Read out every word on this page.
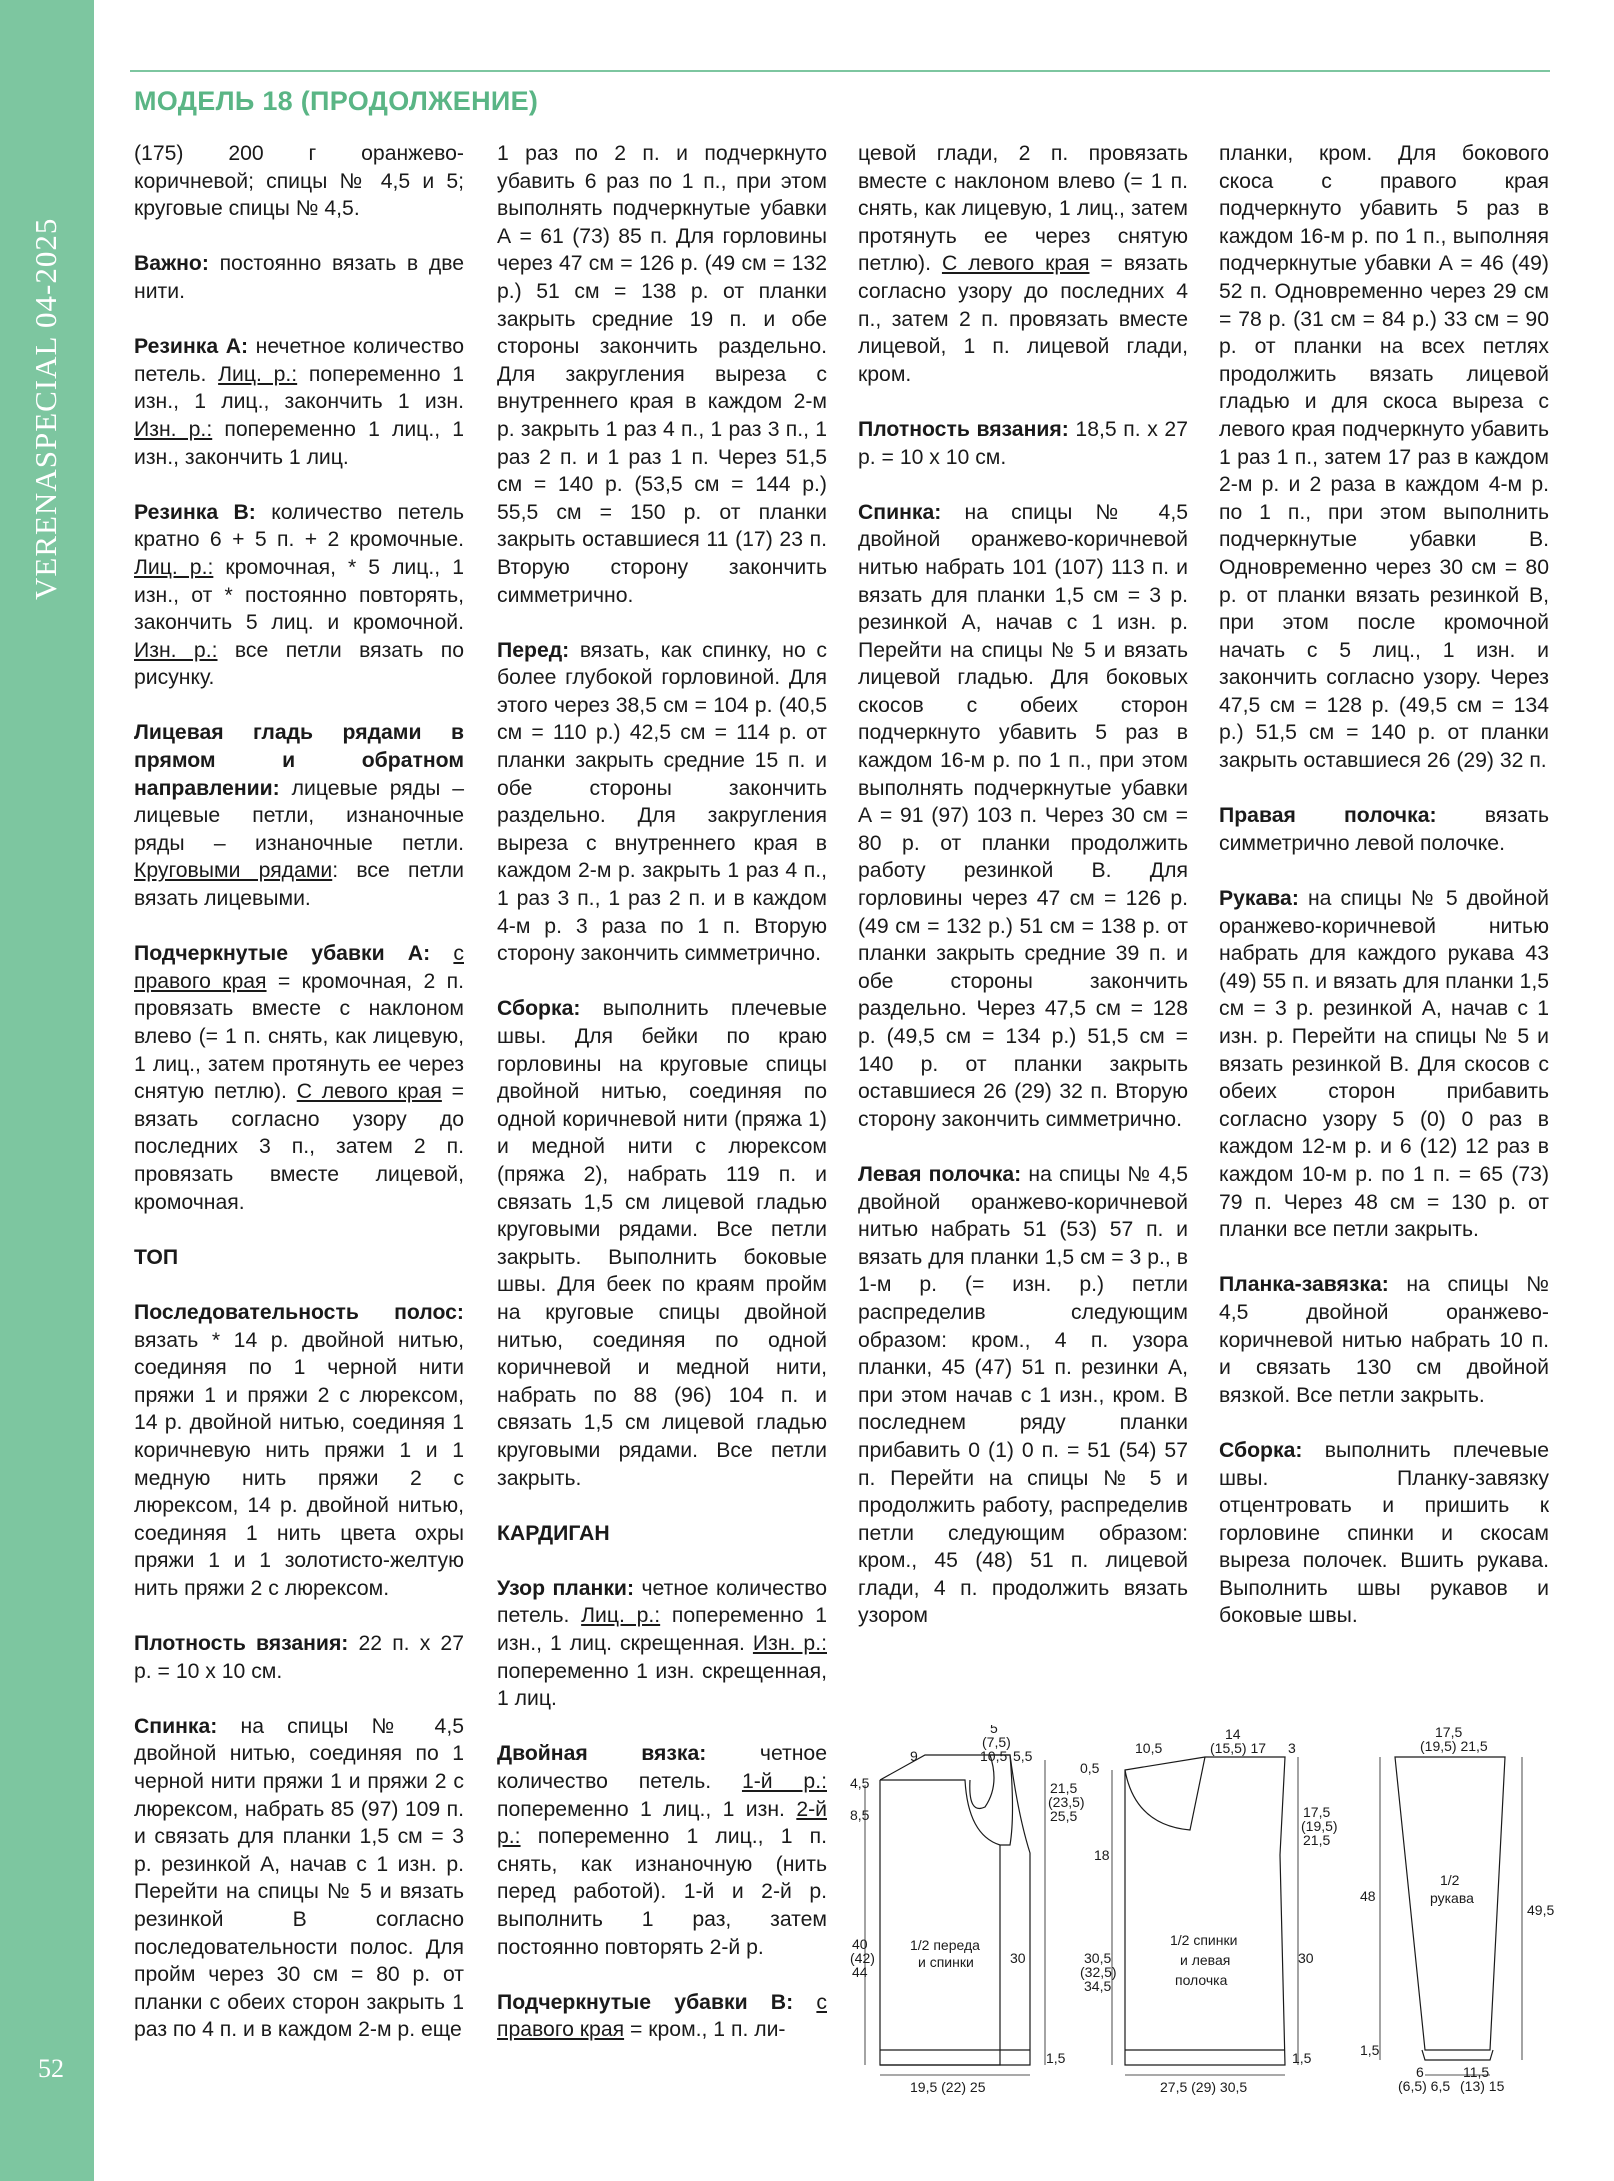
VERENASPECIAL 04-2025
52
МОДЕЛЬ 18 (ПРОДОЛЖЕНИЕ)

(175) 200 г оранжево-коричневой; спицы № 4,5 и 5; круговые спицы № 4,5.

Важно: постоянно вязать в две нити.

Резинка А: нечетное количество петель. Лиц. р.: попеременно 1 изн., 1 лиц., закончить 1 изн. Изн. р.: попеременно 1 лиц., 1 изн., закончить 1 лиц.

Резинка В: количество петель кратно 6 + 5 п. + 2 кромочные. Лиц. р.: кромочная, * 5 лиц., 1 изн., от * постоянно повторять, закончить 5 лиц. и кромочной. Изн. р.: все петли вязать по рисунку.

Лицевая гладь рядами в прямом и обратном направлении: лицевые ряды – лицевые петли, изнаночные ряды – изнаночные петли. Круговыми рядами: все петли вязать лицевыми.

Подчеркнутые убавки А: с правого края = кромочная, 2 п. провязать вместе с наклоном влево (= 1 п. снять, как лицевую, 1 лиц., затем протянуть ее через снятую петлю). С левого края = вязать согласно узору до последних 3 п., затем 2 п. провязать вместе лицевой, кромочная.

ТОП

Последовательность полос: вязать * 14 р. двойной нитью, соединяя по 1 черной нити пряжи 1 и пряжи 2 с люрексом, 14 р. двойной нитью, соединяя 1 коричневую нить пряжи 1 и 1 медную нить пряжи 2 с люрексом, 14 р. двойной нитью, соединяя 1 нить цвета охры пряжи 1 и 1 золотисто-желтую нить пряжи 2 с люрексом.

Плотность вязания: 22 п. x 27 р. = 10 x 10 см.

Спинка: на спицы № 4,5 двойной нитью, соединяя по 1 черной нити пряжи 1 и пряжи 2 с люрексом, набрать 85 (97) 109 п. и связать для планки 1,5 см = 3 р. резинкой А, начав с 1 изн. р. Перейти на спицы № 5 и вязать резинкой В согласно последовательности полос. Для пройм через 30 см = 80 р. от планки с обеих сторон закрыть 1 раз по 4 п. и в каждом 2-м р. еще

1 раз по 2 п. и подчеркнуто убавить 6 раз по 1 п., при этом выполнять подчеркнутые убавки А = 61 (73) 85 п. Для горловины через 47 см = 126 р. (49 см = 132 р.) 51 см = 138 р. от планки закрыть средние 19 п. и обе стороны закончить раздельно. Для закругления выреза с внутреннего края в каждом 2-м р. закрыть 1 раз 4 п., 1 раз 3 п., 1 раз 2 п. и 1 раз 1 п. Через 51,5 см = 140 р. (53,5 см = 144 р.) 55,5 см = 150 р. от планки закрыть оставшиеся 11 (17) 23 п. Вторую сторону закончить симметрично.

Перед: вязать, как спинку, но с более глубокой горловиной. Для этого через 38,5 см = 104 р. (40,5 см = 110 р.) 42,5 см = 114 р. от планки закрыть средние 15 п. и обе стороны закончить раздельно. Для закругления выреза с внутреннего края в каждом 2-м р. закрыть 1 раз 4 п., 1 раз 3 п., 1 раз 2 п. и в каждом 4-м р. 3 раза по 1 п. Вторую сторону закончить симметрично.

Сборка: выполнить плечевые швы. Для бейки по краю горловины на круговые спицы двойной нитью, соединяя по одной коричневой нити (пряжа 1) и медной нити с люрексом (пряжа 2), набрать 119 п. и связать 1,5 см лицевой гладью круговыми рядами. Все петли закрыть. Выполнить боковые швы. Для беек по краям пройм на круговые спицы двойной нитью, соединяя по одной коричневой и медной нити, набрать по 88 (96) 104 п. и связать 1,5 см лицевой гладью круговыми рядами. Все петли закрыть.

КАРДИГАН

Узор планки: четное количество петель. Лиц. р.: попеременно 1 изн., 1 лиц. скрещенная. Изн. р.: попеременно 1 изн. скрещенная, 1 лиц.

Двойная вязка: четное количество петель. 1-й р.: попеременно 1 лиц., 1 изн. 2-й р.: попеременно 1 лиц., 1 п. снять, как изнаночную (нить перед работой). 1-й и 2-й р. выполнить 1 раз, затем постоянно повторять 2-й р.

Подчеркнутые убавки В: с правого края = кром., 1 п. ли-

цевой глади, 2 п. провязать вместе с наклоном влево (= 1 п. снять, как лицевую, 1 лиц., затем протянуть ее через снятую петлю). С левого края = вязать согласно узору до последних 4 п., затем 2 п. провязать вместе лицевой, 1 п. лицевой глади, кром.

Плотность вязания: 18,5 п. x 27 р. = 10 x 10 см.

Спинка: на спицы № 4,5 двойной оранжево-коричневой нитью набрать 101 (107) 113 п. и вязать для планки 1,5 см = 3 р. резинкой А, начав с 1 изн. р. Перейти на спицы № 5 и вязать лицевой гладью. Для боковых скосов с обеих сторон подчеркнуто убавить 5 раз в каждом 16-м р. по 1 п., при этом выполнять подчеркнутые убавки А = 91 (97) 103 п. Через 30 см = 80 р. от планки продолжить работу резинкой В. Для горловины через 47 см = 126 р. (49 см = 132 р.) 51 см = 138 р. от планки закрыть средние 39 п. и обе стороны закончить раздельно. Через 47,5 см = 128 р. (49,5 см = 134 р.) 51,5 см = 140 р. от планки закрыть оставшиеся 26 (29) 32 п. Вторую сторону закончить симметрично.

Левая полочка: на спицы № 4,5 двойной оранжево-коричневой нитью набрать 51 (53) 57 п. и вязать для планки 1,5 см = 3 р., в 1-м р. (= изн. р.) петли распределив следующим образом: кром., 4 п. узора планки, 45 (47) 51 п. резинки А, при этом начав с 1 изн., кром. В последнем ряду планки прибавить 0 (1) 0 п. = 51 (54) 57 п. Перейти на спицы № 5 и продолжить работу, распределив петли следующим образом: кром., 45 (48) 51 п. лицевой глади, 4 п. продолжить вязать узором

планки, кром. Для бокового скоса с правого края подчеркнуто убавить 5 раз в каждом 16-м р. по 1 п., выполняя подчеркнутые убавки А = 46 (49) 52 п. Одновременно через 29 см = 78 р. (31 см = 84 р.) 33 см = 90 р. от планки на всех петлях продолжить вязать лицевой гладью и для скоса выреза с левого края подчеркнуто убавить 1 раз 1 п., затем 17 раз в каждом 2-м р. и 2 раза в каждом 4-м р. по 1 п., при этом выполнить подчеркнутые убавки В. Одновременно через 30 см = 80 р. от планки вязать резинкой В, при этом после кромочной начать с 5 лиц., 1 изн. и закончить согласно узору. Через 47,5 см = 128 р. (49,5 см = 134 р.) 51,5 см = 140 р. от планки закрыть оставшиеся 26 (29) 32 п.

Правая полочка: вязать симметрично левой полочке.

Рукава: на спицы № 5 двойной оранжево-коричневой нитью набрать для каждого рукава 43 (49) 55 п. и вязать для планки 1,5 см = 3 р. резинкой А, начав с 1 изн. р. Перейти на спицы № 5 и вязать резинкой В. Для скосов с обеих сторон прибавить согласно узору 5 (0) 0 раз в каждом 12-м р. и 6 (12) 12 раз в каждом 10-м р. по 1 п. = 65 (73) 79 п. Через 48 см = 130 р. от планки все петли закрыть.

Планка-завязка: на спицы № 4,5 двойной оранжево-коричневой нитью набрать 10 п. и связать 130 см двойной вязкой. Все петли закрыть.

Сборка: выполнить плечевые швы. Планку-завязку отцентровать и пришить к горловине спинки и скосам выреза полочек. Вшить рукава. Выполнить швы рукавов и боковые швы.

1/2 переда
и спинки
5
(7,5)
10,5 5,5
9
4,5
8,5
40
(42)
44
21,5
(23,5)
25,5
30
1,5
19,5 (22) 25
1/2 спинки
и левая
полочка
10,5
14
(15,5) 17 3
0,5
18
30,5
(32,5)
34,5
17,5
(19,5)
21,5
30
1,5
27,5 (29) 30,5
1/2
рукава
17,5
(19,5) 21,5
48
1,5
49,5
6
(6,5) 6,5
11,5
(13) 15
